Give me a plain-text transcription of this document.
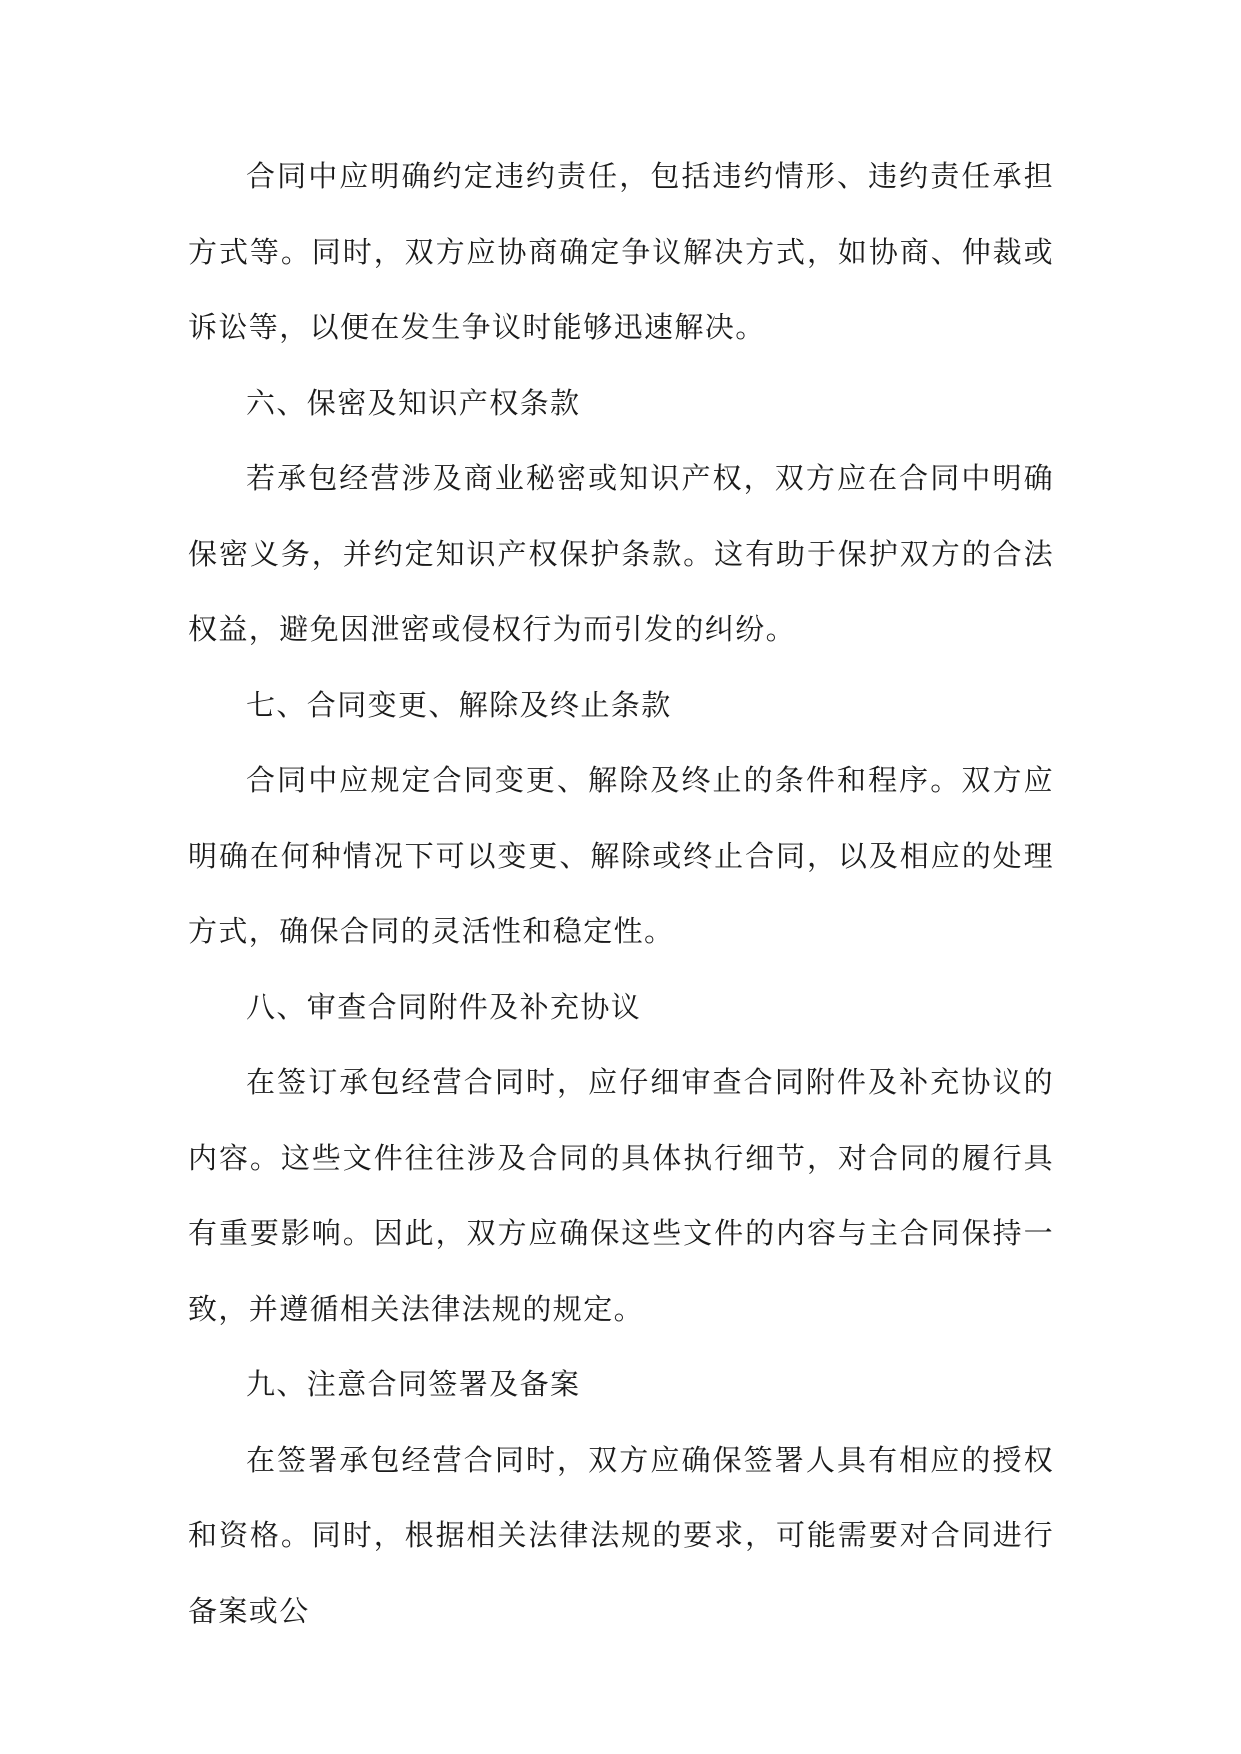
合同中应明确约定违约责任，包括违约情形、违约责任承担方式等。同时，双方应协商确定争议解决方式，如协商、仲裁或诉讼等，以便在发生争议时能够迅速解决。

六、保密及知识产权条款

若承包经营涉及商业秘密或知识产权，双方应在合同中明确保密义务，并约定知识产权保护条款。这有助于保护双方的合法权益，避免因泄密或侵权行为而引发的纠纷。

七、合同变更、解除及终止条款

合同中应规定合同变更、解除及终止的条件和程序。双方应明确在何种情况下可以变更、解除或终止合同，以及相应的处理方式，确保合同的灵活性和稳定性。

八、审查合同附件及补充协议

在签订承包经营合同时，应仔细审查合同附件及补充协议的内容。这些文件往往涉及合同的具体执行细节，对合同的履行具有重要影响。因此，双方应确保这些文件的内容与主合同保持一致，并遵循相关法律法规的规定。

九、注意合同签署及备案

在签署承包经营合同时，双方应确保签署人具有相应的授权和资格。同时，根据相关法律法规的要求，可能需要对合同进行备案或公
